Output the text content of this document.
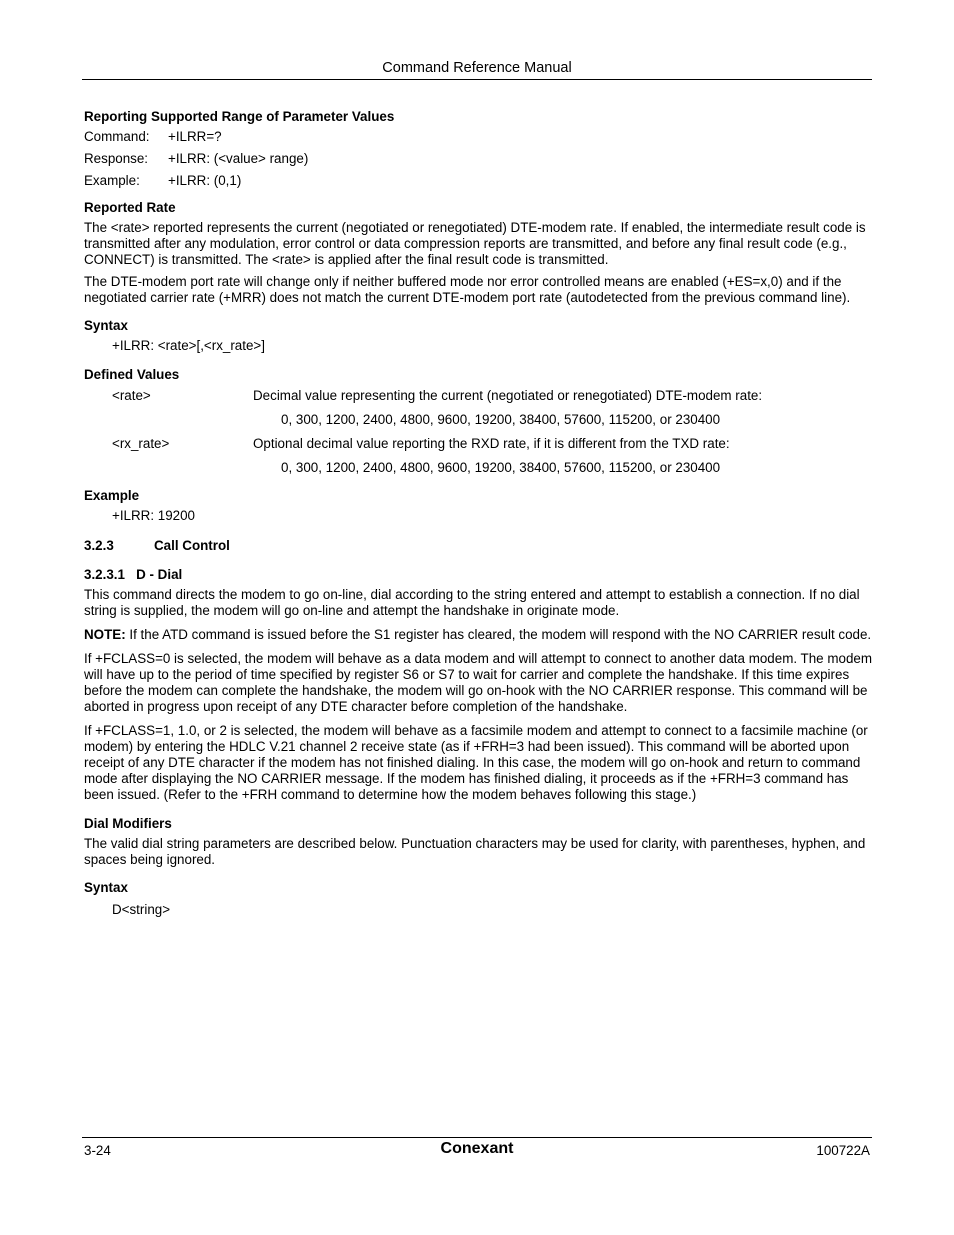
Command Reference Manual
Reporting Supported Range of Parameter Values
Command:	+ILRR=?
Response:	+ILRR: (<value> range)
Example:	+ILRR: (0,1)
Reported Rate

The <rate> reported represents the current (negotiated or renegotiated) DTE-modem rate. If enabled, the intermediate result code is transmitted after any modulation, error control or data compression reports are transmitted, and before any final result code (e.g., CONNECT) is transmitted. The <rate> is applied after the final result code is transmitted.

The DTE-modem port rate will change only if neither buffered mode nor error controlled means are enabled (+ES=x,0) and if the negotiated carrier rate (+MRR) does not match the current DTE-modem port rate (autodetected from the previous command line).

Syntax
+ILRR: <rate>[,<rx_rate>]
Defined Values
<rate>	Decimal value representing the current (negotiated or renegotiated) DTE-modem rate:
0, 300, 1200, 2400, 4800, 9600, 19200, 38400, 57600, 115200, or 230400
<rx_rate>	Optional decimal value reporting the RXD rate, if it is different from the TXD rate:
0, 300, 1200, 2400, 4800, 9600, 19200, 38400, 57600, 115200, or 230400
Example
+ILRR: 19200
3.2.3	Call Control
3.2.3.1   D - Dial

This command directs the modem to go on-line, dial according to the string entered and attempt to establish a connection. If no dial string is supplied, the modem will go on-line and attempt the handshake in originate mode.

NOTE: If the ATD command is issued before the S1 register has cleared, the modem will respond with the NO CARRIER result code.

If +FCLASS=0 is selected, the modem will behave as a data modem and will attempt to connect to another data modem. The modem will have up to the period of time specified by register S6 or S7 to wait for carrier and complete the handshake. If this time expires before the modem can complete the handshake, the modem will go on-hook with the NO CARRIER response. This command will be aborted in progress upon receipt of any DTE character before completion of the handshake.

If +FCLASS=1, 1.0, or 2 is selected, the modem will behave as a facsimile modem and attempt to connect to a facsimile machine (or modem) by entering the HDLC V.21 channel 2 receive state (as if +FRH=3 had been issued). This command will be aborted upon receipt of any DTE character if the modem has not finished dialing. In this case, the modem will go on-hook and return to command mode after displaying the NO CARRIER message. If the modem has finished dialing, it proceeds as if the +FRH=3 command has been issued. (Refer to the +FRH command to determine how the modem behaves following this stage.)

Dial Modifiers

The valid dial string parameters are described below. Punctuation characters may be used for clarity, with parentheses, hyphen, and spaces being ignored.

Syntax
D<string>
3-24	Conexant	100722A
